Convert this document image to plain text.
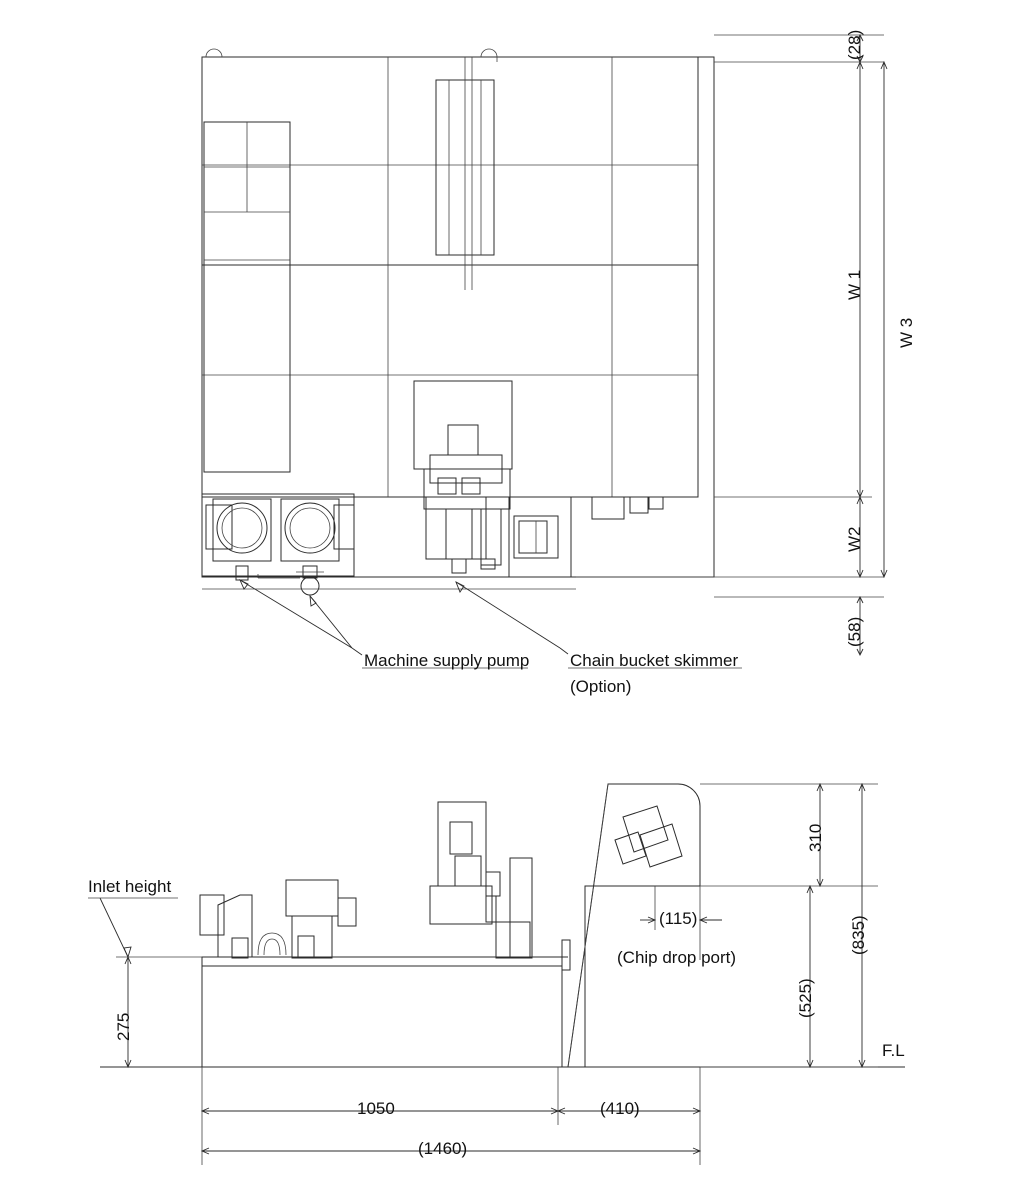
(28)
W 1
W 3
W2
(58)
Machine supply pump Chain bucket skimmer
(Option)
Inlet height
310
(835)
(525)
275
(115)
(Chip drop port)
1050	(410)
(1460)
F.L
